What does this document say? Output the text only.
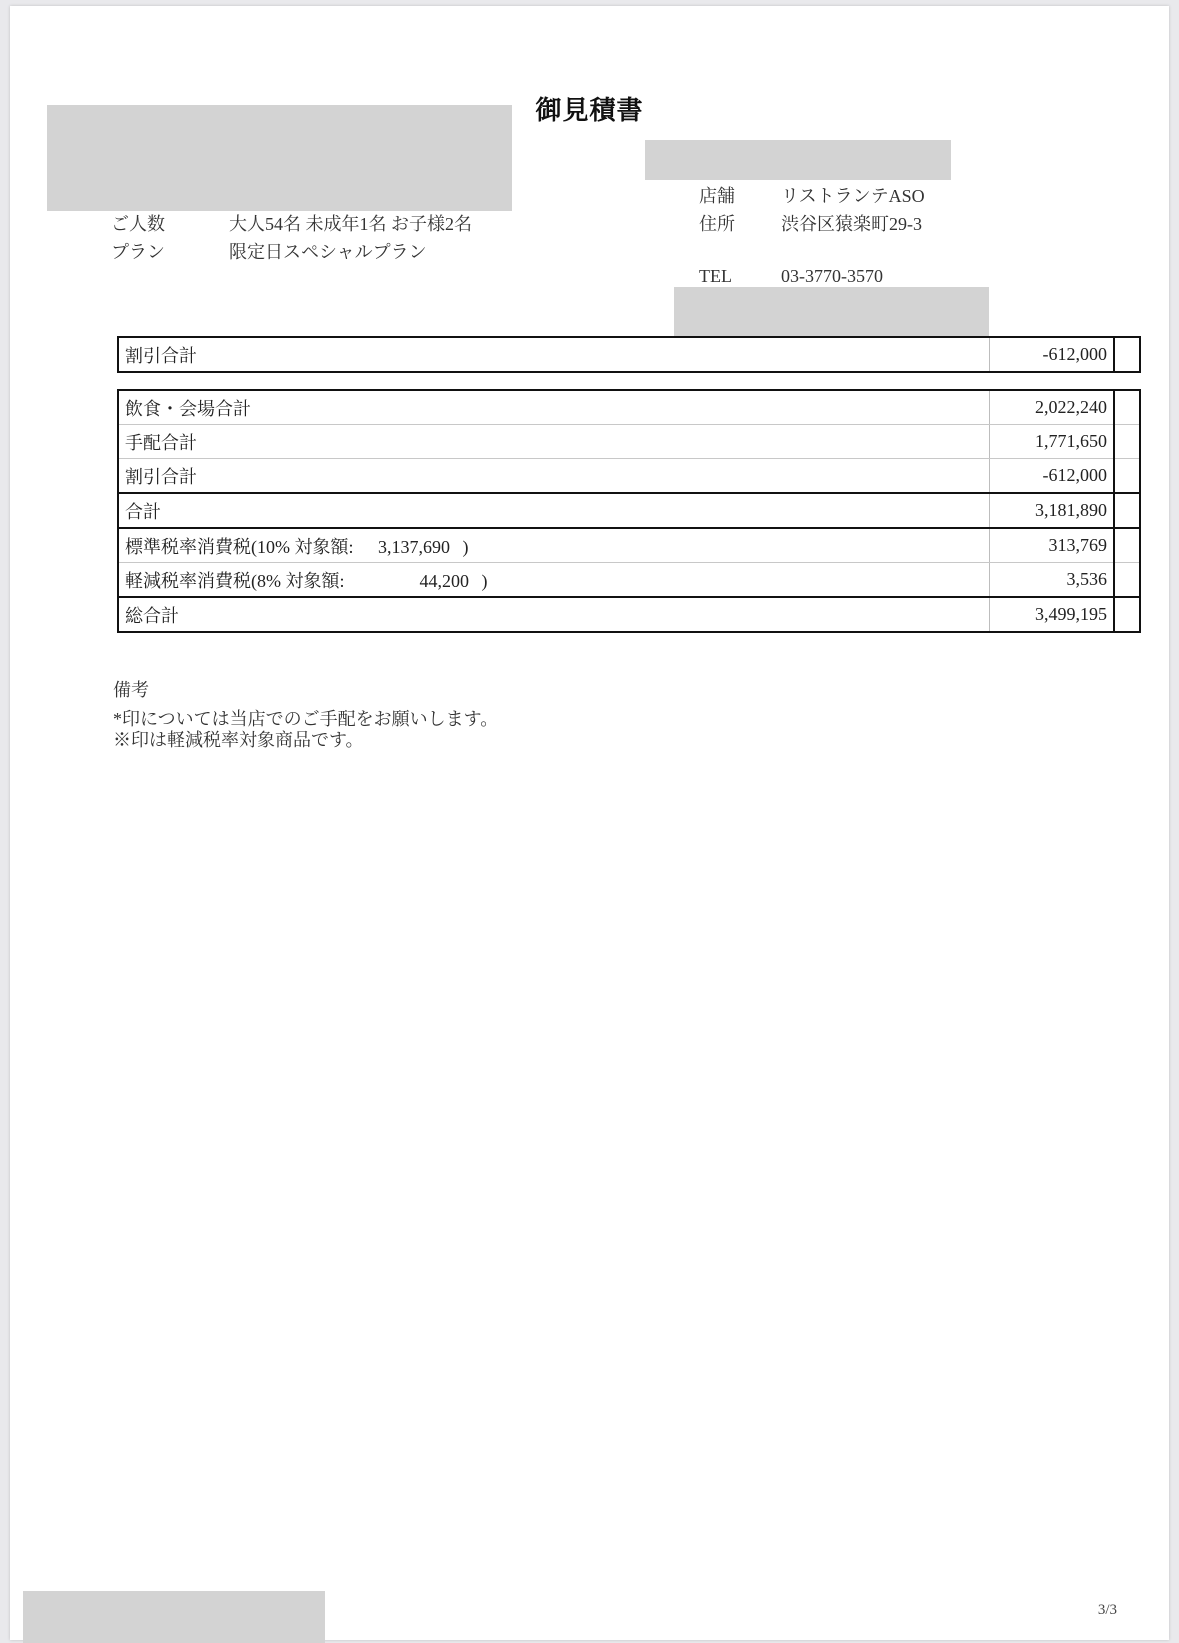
御見積書
ご人数	大人54名 未成年1名 お子様2名
プラン	限定日スペシャルプラン
店舗	リストランテASO
住所	渋谷区猿楽町29-3
TEL	03-3770-3570
割引合計	-612,000	
飲食・会場合計	2,022,240	
手配合計	1,771,650	
割引合計	-612,000	
合計	3,181,890	
標準税率消費税(10% 対象額: 3,137,690 )	313,769	
軽減税率消費税(8% 対象額: 44,200 )	3,536	
総合計	3,499,195	
備考
*印については当店でのご手配をお願いします。
※印は軽減税率対象商品です。
3/3
